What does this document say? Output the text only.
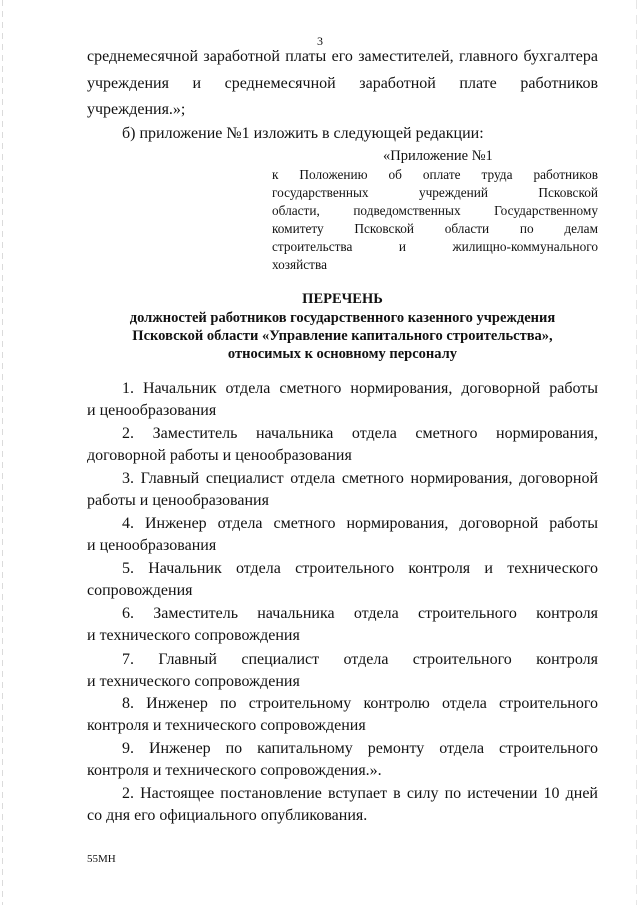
3
среднемесячной заработной платы его заместителей, главного бухгалтера
учреждения и среднемесячной заработной плате работников
учреждения.»;
б) приложение №1 изложить в следующей редакции:
«Приложение №1
к Положению об оплате труда работников
государственных учреждений Псковской
области, подведомственных Государственному
комитету Псковской области по делам
строительства и жилищно-коммунального
хозяйства
ПЕРЕЧЕНЬ
должностей работников государственного казенного учреждения
Псковской области «Управление капитального строительства»,
относимых к основному персоналу
1. Начальник отдела сметного нормирования, договорной работы
и ценообразования
2. Заместитель начальника отдела сметного нормирования,
договорной работы и ценообразования
3. Главный специалист отдела сметного нормирования, договорной
работы и ценообразования
4. Инженер отдела сметного нормирования, договорной работы
и ценообразования
5. Начальник отдела строительного контроля и технического
сопровождения
6. Заместитель начальника отдела строительного контроля
и технического сопровождения
7. Главный специалист отдела строительного контроля
и технического сопровождения
8. Инженер по строительному контролю отдела строительного
контроля и технического сопровождения
9. Инженер по капитальному ремонту отдела строительного
контроля и технического сопровождения.».
2. Настоящее постановление вступает в силу по истечении 10 дней
со дня его официального опубликования.
55МН
